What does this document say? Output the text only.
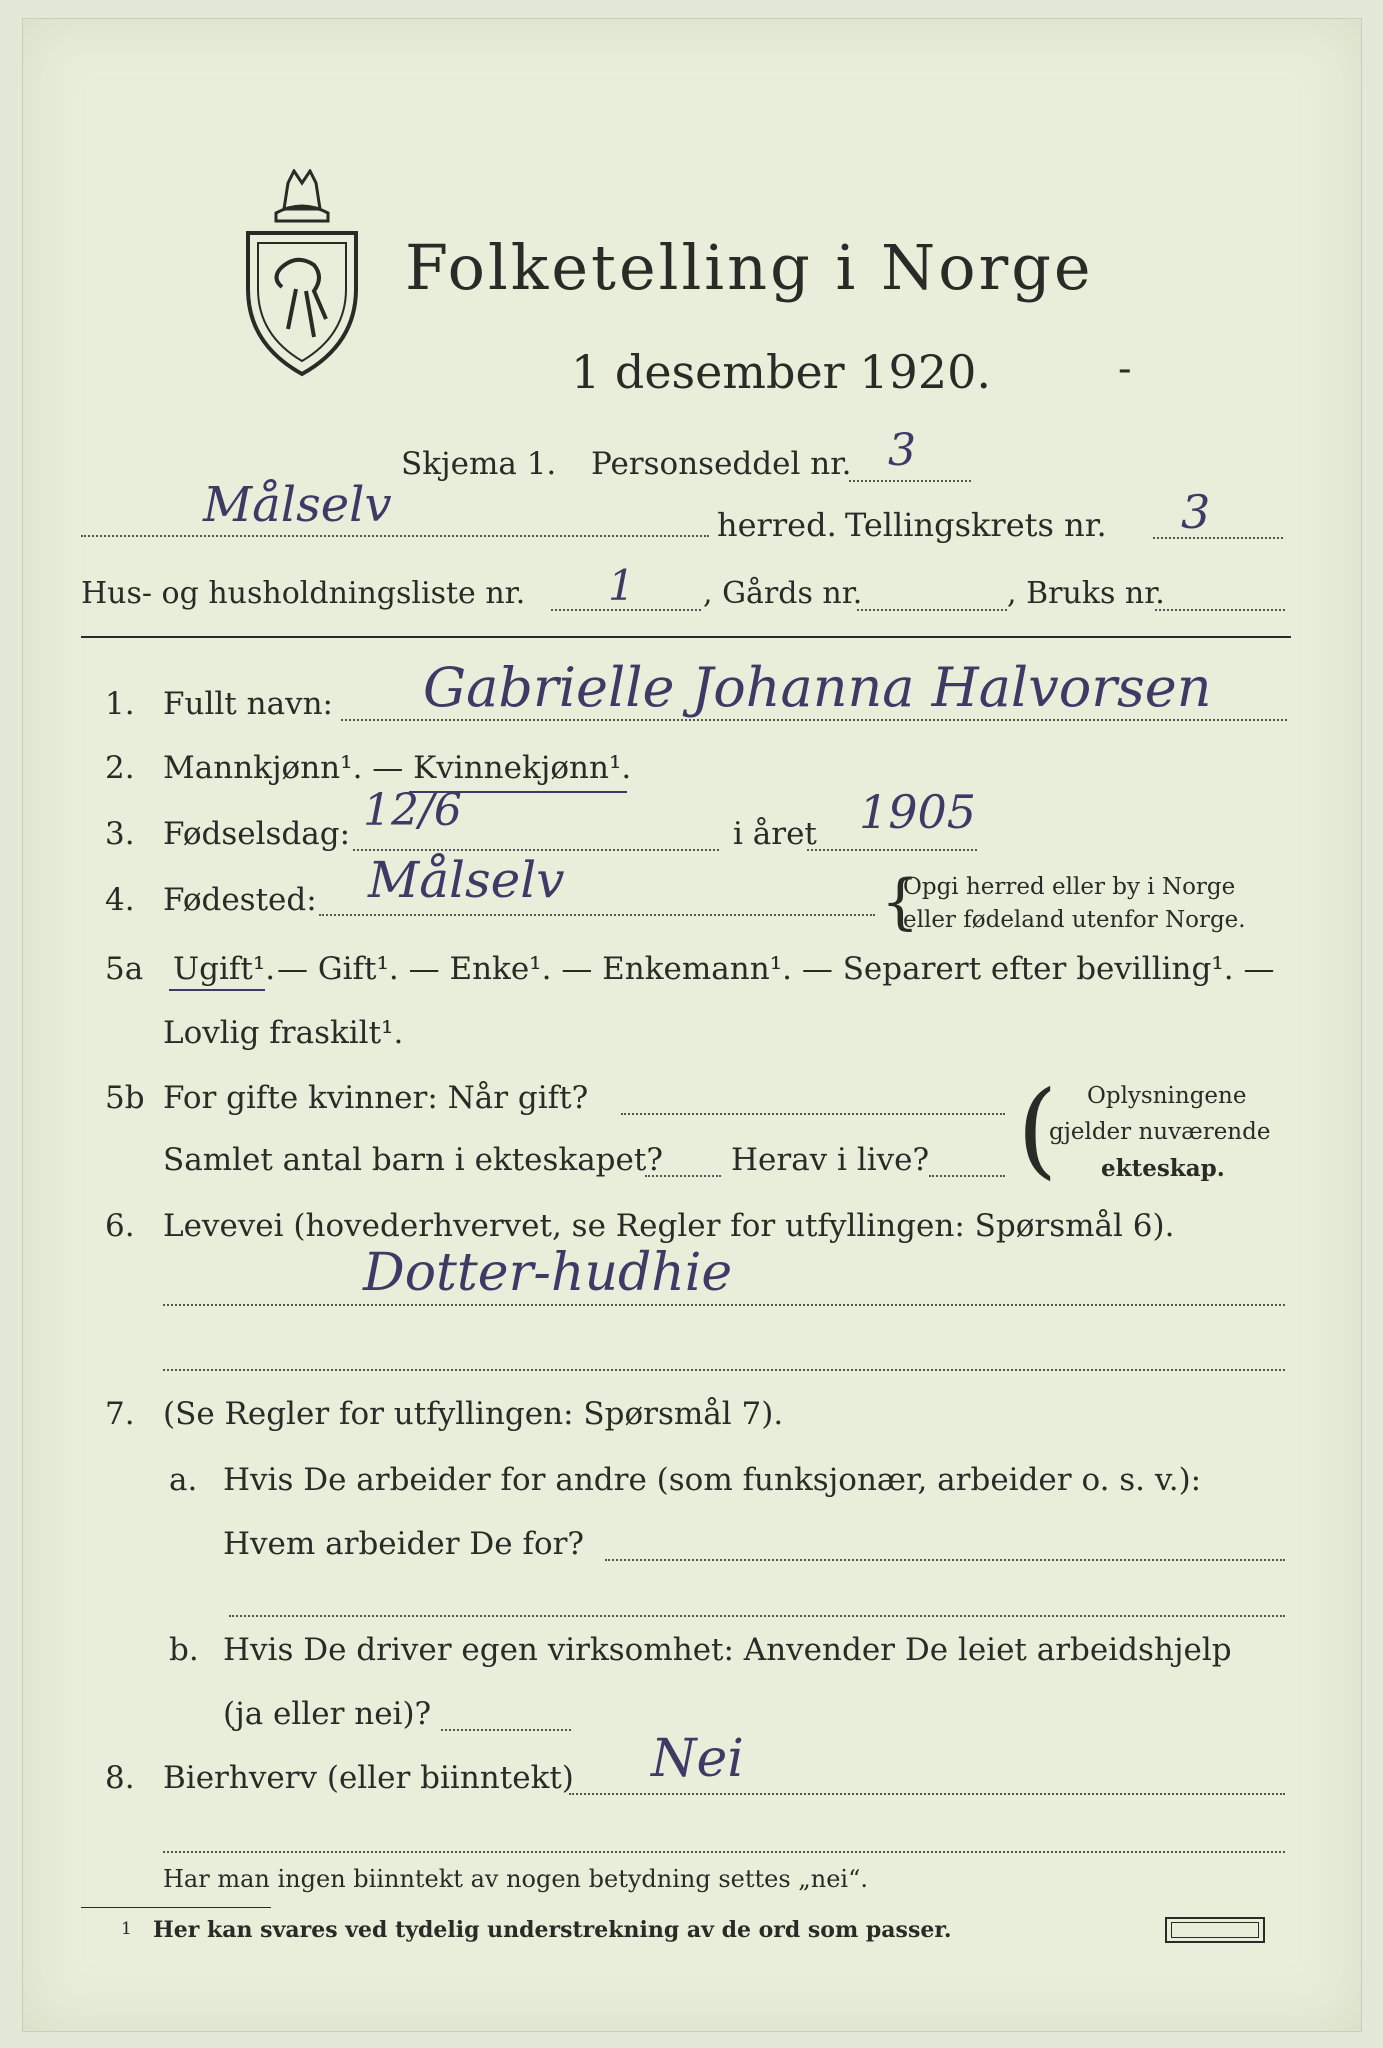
Folketelling i Norge
1 desember 1920.	-
Skjema 1. Personseddel nr. 3
Målselv	herred. Tellingskrets nr. 3
Hus- og husholdningsliste nr. 1 , Gårds nr.	, Bruks nr.
1. Fullt navn: Gabrielle Johanna Halvorsen
2. Mannkjønn¹. — Kvinnekjønn¹.
3. Fødselsdag: 12/6	i året 1905
4. Fødested: Målselv	{
Opgi herred eller by i Norge
eller fødeland utenfor Norge.
5a Ugift¹. — Gift¹. — Enke¹. — Enkemann¹. — Separert efter bevilling¹. —
Lovlig fraskilt¹.
5b For gifte kvinner: Når gift?
Samlet antal barn i ekteskapet? Herav i live? ( Oplysningene
gjelder nuværende
ekteskap.
6. Levevei (hovederhvervet, se Regler for utfyllingen: Spørsmål 6).
Dotter-hudhie
7. (Se Regler for utfyllingen: Spørsmål 7).
a. Hvis De arbeider for andre (som funksjonær, arbeider o. s. v.):
Hvem arbeider De for?
b. Hvis De driver egen virksomhet: Anvender De leiet arbeidshjelp
(ja eller nei)?
8. Bierhverv (eller biinntekt) Nei
Har man ingen biinntekt av nogen betydning settes „nei“.
1 Her kan svares ved tydelig understrekning av de ord som passer.
